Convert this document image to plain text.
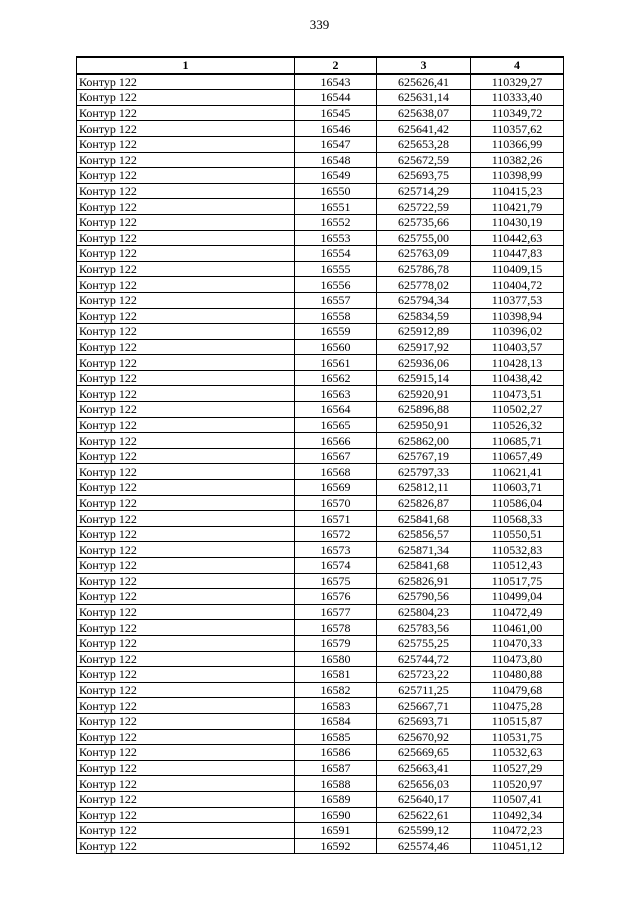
339
1	2	3	4
Контур 122	16543	625626,41	110329,27
Контур 122	16544	625631,14	110333,40
Контур 122	16545	625638,07	110349,72
Контур 122	16546	625641,42	110357,62
Контур 122	16547	625653,28	110366,99
Контур 122	16548	625672,59	110382,26
Контур 122	16549	625693,75	110398,99
Контур 122	16550	625714,29	110415,23
Контур 122	16551	625722,59	110421,79
Контур 122	16552	625735,66	110430,19
Контур 122	16553	625755,00	110442,63
Контур 122	16554	625763,09	110447,83
Контур 122	16555	625786,78	110409,15
Контур 122	16556	625778,02	110404,72
Контур 122	16557	625794,34	110377,53
Контур 122	16558	625834,59	110398,94
Контур 122	16559	625912,89	110396,02
Контур 122	16560	625917,92	110403,57
Контур 122	16561	625936,06	110428,13
Контур 122	16562	625915,14	110438,42
Контур 122	16563	625920,91	110473,51
Контур 122	16564	625896,88	110502,27
Контур 122	16565	625950,91	110526,32
Контур 122	16566	625862,00	110685,71
Контур 122	16567	625767,19	110657,49
Контур 122	16568	625797,33	110621,41
Контур 122	16569	625812,11	110603,71
Контур 122	16570	625826,87	110586,04
Контур 122	16571	625841,68	110568,33
Контур 122	16572	625856,57	110550,51
Контур 122	16573	625871,34	110532,83
Контур 122	16574	625841,68	110512,43
Контур 122	16575	625826,91	110517,75
Контур 122	16576	625790,56	110499,04
Контур 122	16577	625804,23	110472,49
Контур 122	16578	625783,56	110461,00
Контур 122	16579	625755,25	110470,33
Контур 122	16580	625744,72	110473,80
Контур 122	16581	625723,22	110480,88
Контур 122	16582	625711,25	110479,68
Контур 122	16583	625667,71	110475,28
Контур 122	16584	625693,71	110515,87
Контур 122	16585	625670,92	110531,75
Контур 122	16586	625669,65	110532,63
Контур 122	16587	625663,41	110527,29
Контур 122	16588	625656,03	110520,97
Контур 122	16589	625640,17	110507,41
Контур 122	16590	625622,61	110492,34
Контур 122	16591	625599,12	110472,23
Контур 122	16592	625574,46	110451,12
